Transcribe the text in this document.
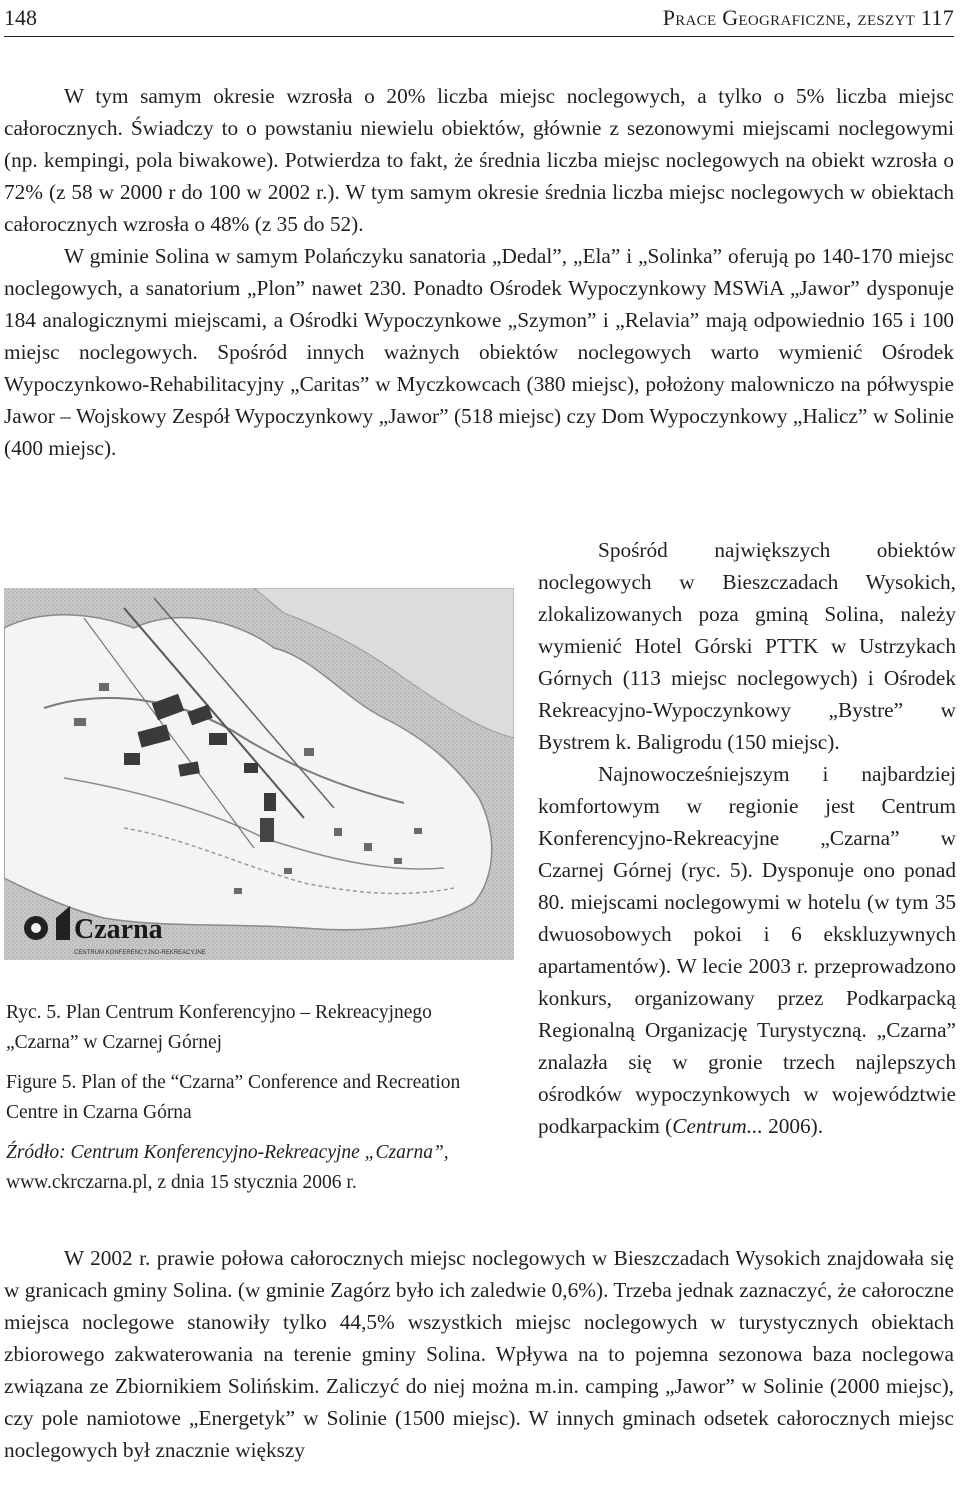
148	Prace Geograficzne, zeszyt 117

W tym samym okresie wzrosła o 20% liczba miejsc noclegowych, a tylko o 5% liczba miejsc całorocznych. Świadczy to o powstaniu niewielu obiektów, głównie z sezonowymi miejscami noclegowymi (np. kempingi, pola biwakowe). Potwierdza to fakt, że średnia liczba miejsc noclegowych na obiekt wzrosła o 72% (z 58 w 2000 r do 100 w 2002 r.). W tym samym okresie średnia liczba miejsc noclegowych w obiektach całorocznych wzrosła o 48% (z 35 do 52).

W gminie Solina w samym Polańczyku sanatoria „Dedal”, „Ela” i „Solinka” oferują po 140-170 miejsc noclegowych, a sanatorium „Plon” nawet 230. Ponadto Ośrodek Wypoczynkowy MSWiA „Jawor” dysponuje 184 analogicznymi miejscami, a Ośrodki Wypoczynkowe „Szymon” i „Relavia” mają odpowiednio 165 i 100 miejsc noclegowych. Spośród innych ważnych obiektów noclegowych warto wymienić Ośrodek Wypoczynkowo-Rehabilitacyjny „Caritas” w Myczkowcach (380 miejsc), położony malowniczo na półwyspie Jawor – Wojskowy Zespół Wypoczynkowy „Jawor” (518 miejsc) czy Dom Wypoczynkowy „Halicz” w Solinie (400 miejsc).

Spośród największych obiektów noclegowych w Bieszczadach Wysokich, zlokalizowanych poza gminą Solina, należy wymienić Hotel Górski PTTK w Ustrzykach Górnych (113 miejsc noclegowych) i Ośrodek Rekreacyjno-Wypoczynkowy „Bystre” w Bystrem k. Baligrodu (150 miejsc).

Najnowocześniejszym i najbardziej komfortowym w regionie jest Centrum Konferencyjno-Rekreacyjne „Czarna” w Czarnej Górnej (ryc. 5). Dysponuje ono ponad 80. miejscami noclegowymi w hotelu (w tym 35 dwuosobowych pokoi i 6 ekskluzywnych apartamentów). W lecie 2003 r. przeprowadzono konkurs, organizowany przez Podkarpacką Regionalną Organizację Turystyczną. „Czarna” znalazła się w gronie trzech najlepszych ośrodków wypoczynkowych w województwie podkarpackim (Centrum... 2006).

Czarna
CENTRUM KONFERENCYJNO-REKREACYJNE

Ryc. 5. Plan Centrum Konferencyjno – Rekreacyjnego „Czarna” w Czarnej Górnej

Figure 5. Plan of the “Czarna” Conference and Recreation Centre in Czarna Górna

Źródło: Centrum Konferencyjno-Rekreacyjne „Czarna”, www.ckrczarna.pl, z dnia 15 stycznia 2006 r.

W 2002 r. prawie połowa całorocznych miejsc noclegowych w Bieszczadach Wysokich znajdowała się w granicach gminy Solina. (w gminie Zagórz było ich zaledwie 0,6%). Trzeba jednak zaznaczyć, że całoroczne miejsca noclegowe stanowiły tylko 44,5% wszystkich miejsc noclegowych w turystycznych obiektach zbiorowego zakwaterowania na terenie gminy Solina. Wpływa na to pojemna sezonowa baza noclegowa związana ze Zbiornikiem Solińskim. Zaliczyć do niej można m.in. camping „Jawor” w Solinie (2000 miejsc), czy pole namiotowe „Energetyk” w Solinie (1500 miejsc). W innych gminach odsetek całorocznych miejsc noclegowych był znacznie większy
